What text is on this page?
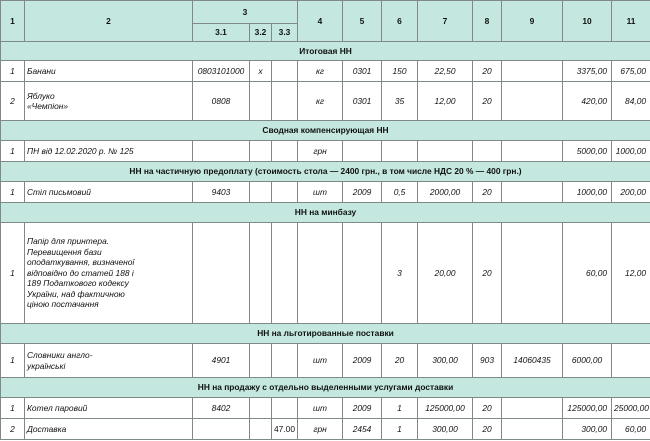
1	2	3			4	5	6	7	8	9	10	11
		3.1	3.2	3.3								
Итоговая НН												
1	Банани	0803101000	х		кг	0301	150	22,50	20		3375,00	675,00
2	Яблуко «Чемпіон»	0808			кг	0301	35	12,00	20		420,00	84,00
Сводная компенсирующая НН												
1	ПН від 12.02.2020 р. № 125				грн						5000,00	1000,00
НН на частичную предоплату (стоимость стола — 2400 грн., в том числе НДС 20 % — 400 грн.)												
1	Стіл письмовий	9403			шт	2009	0,5	2000,00	20		1000,00	200,00
НН на минбазу												
1	Папір для принтера. Перевищення бази оподаткування, визначеної відповідно до статей 188 і 189 Податкового кодексу України, над фактичною ціною постачання						3	20,00	20		60,00	12,00
НН на льготированные поставки												
1	Словники англо-українські	4901			шт	2009	20	300,00	903	14060435	6000,00	
НН на продажу с отдельно выделенными услугами доставки												
1	Котел паровий	8402			шт	2009	1	125000,00	20		125000,00	25000,00
2	Доставка			47.00	грн	2454	1	300,00	20		300,00	60,00
